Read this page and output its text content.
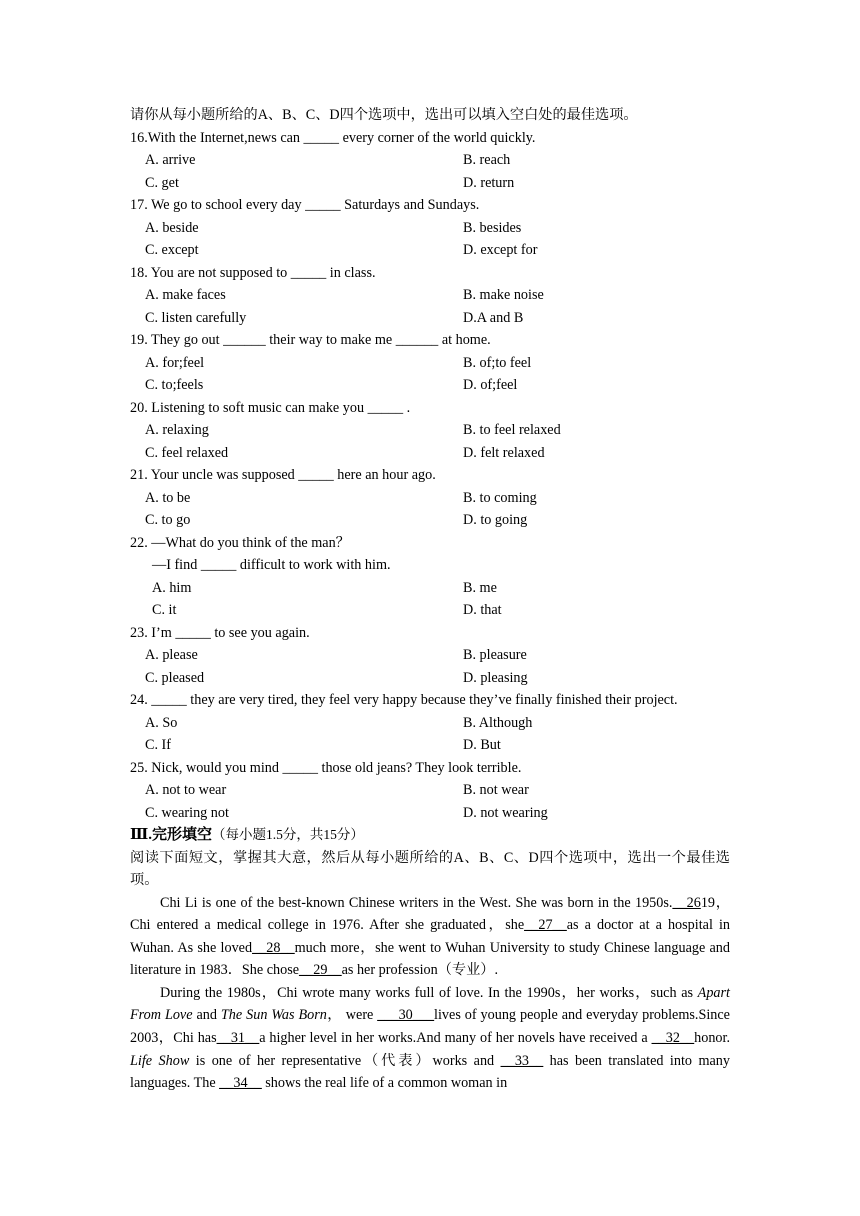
请你从每小题所给的A、B、C、D四个选项中，选出可以填入空白处的最佳选项。
16.With the Internet,news can _____ every corner of the world quickly.
A. arrive	B. reach
C. get	D. return
17. We go to school every day _____ Saturdays and Sundays.
A. beside	B. besides
C. except	D. except for
18. You are not supposed to _____ in class.
A. make faces	B. make noise
C. listen carefully	D.A and B
19. They go out ______ their way to make me ______ at home.
A. for;feel	B. of;to feel
C. to;feels	D. of;feel
20. Listening to soft music can make you _____ .
A. relaxing	B. to feel relaxed
C. feel relaxed	D. felt relaxed
21. Your uncle was supposed _____ here an hour ago.
A. to be	B. to coming
C. to go	D. to going
22. —What do you think of the man？
—I find _____ difficult to work with him.
A. him	B. me
C. it	D. that
23. I’m _____ to see you again.
A. please	B. pleasure
C. pleased	D. pleasing
24. _____ they are very tired, they feel very happy because they’ve finally finished their project.
A. So	B. Although
C. If	D. But
25. Nick, would you mind _____ those old jeans? They look terrible.
A. not to wear	B. not wear
C. wearing not	D. not wearing
Ⅲ.完形填空（每小题1.5分，共15分）
阅读下面短文，掌握其大意，然后从每小题所给的A、B、C、D四个选项中，选出一个最佳选项。

Chi Li is one of the best-known Chinese writers in the West. She was born in the 1950s.__2619，Chi entered a medical college in 1976. After she graduated，she__27__as a doctor at a hospital in Wuhan. As she loved__28__much more，she went to Wuhan University to study Chinese language and literature in 1983．She chose__29__as her profession（专业）.

During the 1980s，Chi wrote many works full of love. In the 1990s，her works，such as Apart From Love and The Sun Was Born， were ___30___lives of young people and everyday problems.Since 2003，Chi has__31__a higher level in her works.And many of her novels have received a __32__honor. Life Show is one of her representative（代表）works and __33__ has been translated into many languages. The __34__ shows the real life of a common woman in
